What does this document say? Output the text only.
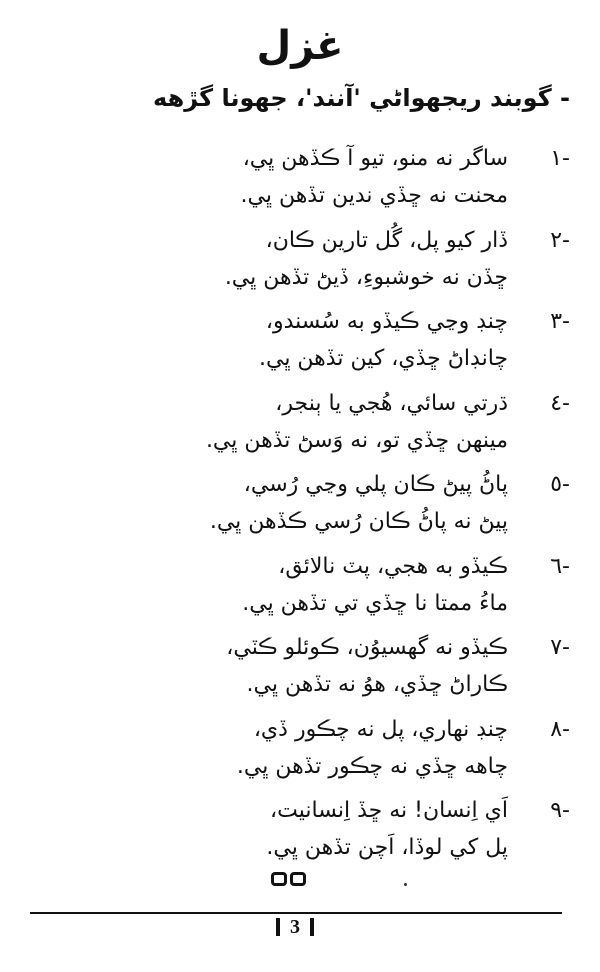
غزل
- گوبند ريجهواڻي 'آنند'، جهونا گڙهه
-١
ساگر نه منو، تيو آ ڪڏهن ڀي،
محنت نه ڇڏي ندين تڏهن ڀي.
-٢
ڏار کيو پل، گُل تارين ڪان،
ڇڏن نه خوشبوءِ، ڏيڻ تڏهن ڀي.
-٣
چنڊ وڃي ڪيڏو به سُسندو،
چانڊاڻ ڇڏي، کين تڏهن ڀي.
-٤
ڌرتي سائي، هُجي يا ٻنجر،
مينهن ڇڏي تو، نه وَسڻ تڏهن ڀي.
-٥
پاڻُ پيڻ ڪان پلي وڃي رُسي،
پيڻ نه پاڻُ ڪان رُسي ڪڏهن ڀي.
-٦
ڪيڏو به هجي، پٽ نالائق،
ماءُ ممتا نا ڇڏي تي تڏهن ڀي.
-٧
ڪيڏو نه گهسيوُن، ڪوئلو ڪٽي،
ڪاراڻ ڇڏي، هوُ نه تڏهن ڀي.
-٨
چنڊ نهاري، پل نه چڪور ڏي،
چاهه ڇڏي نه چڪور تڏهن ڀي.
-٩
اَي اِنسان! نه ڇڏ اِنسانيت،
پل کي لوڏا، اَچن تڏهن ڀي.
3
